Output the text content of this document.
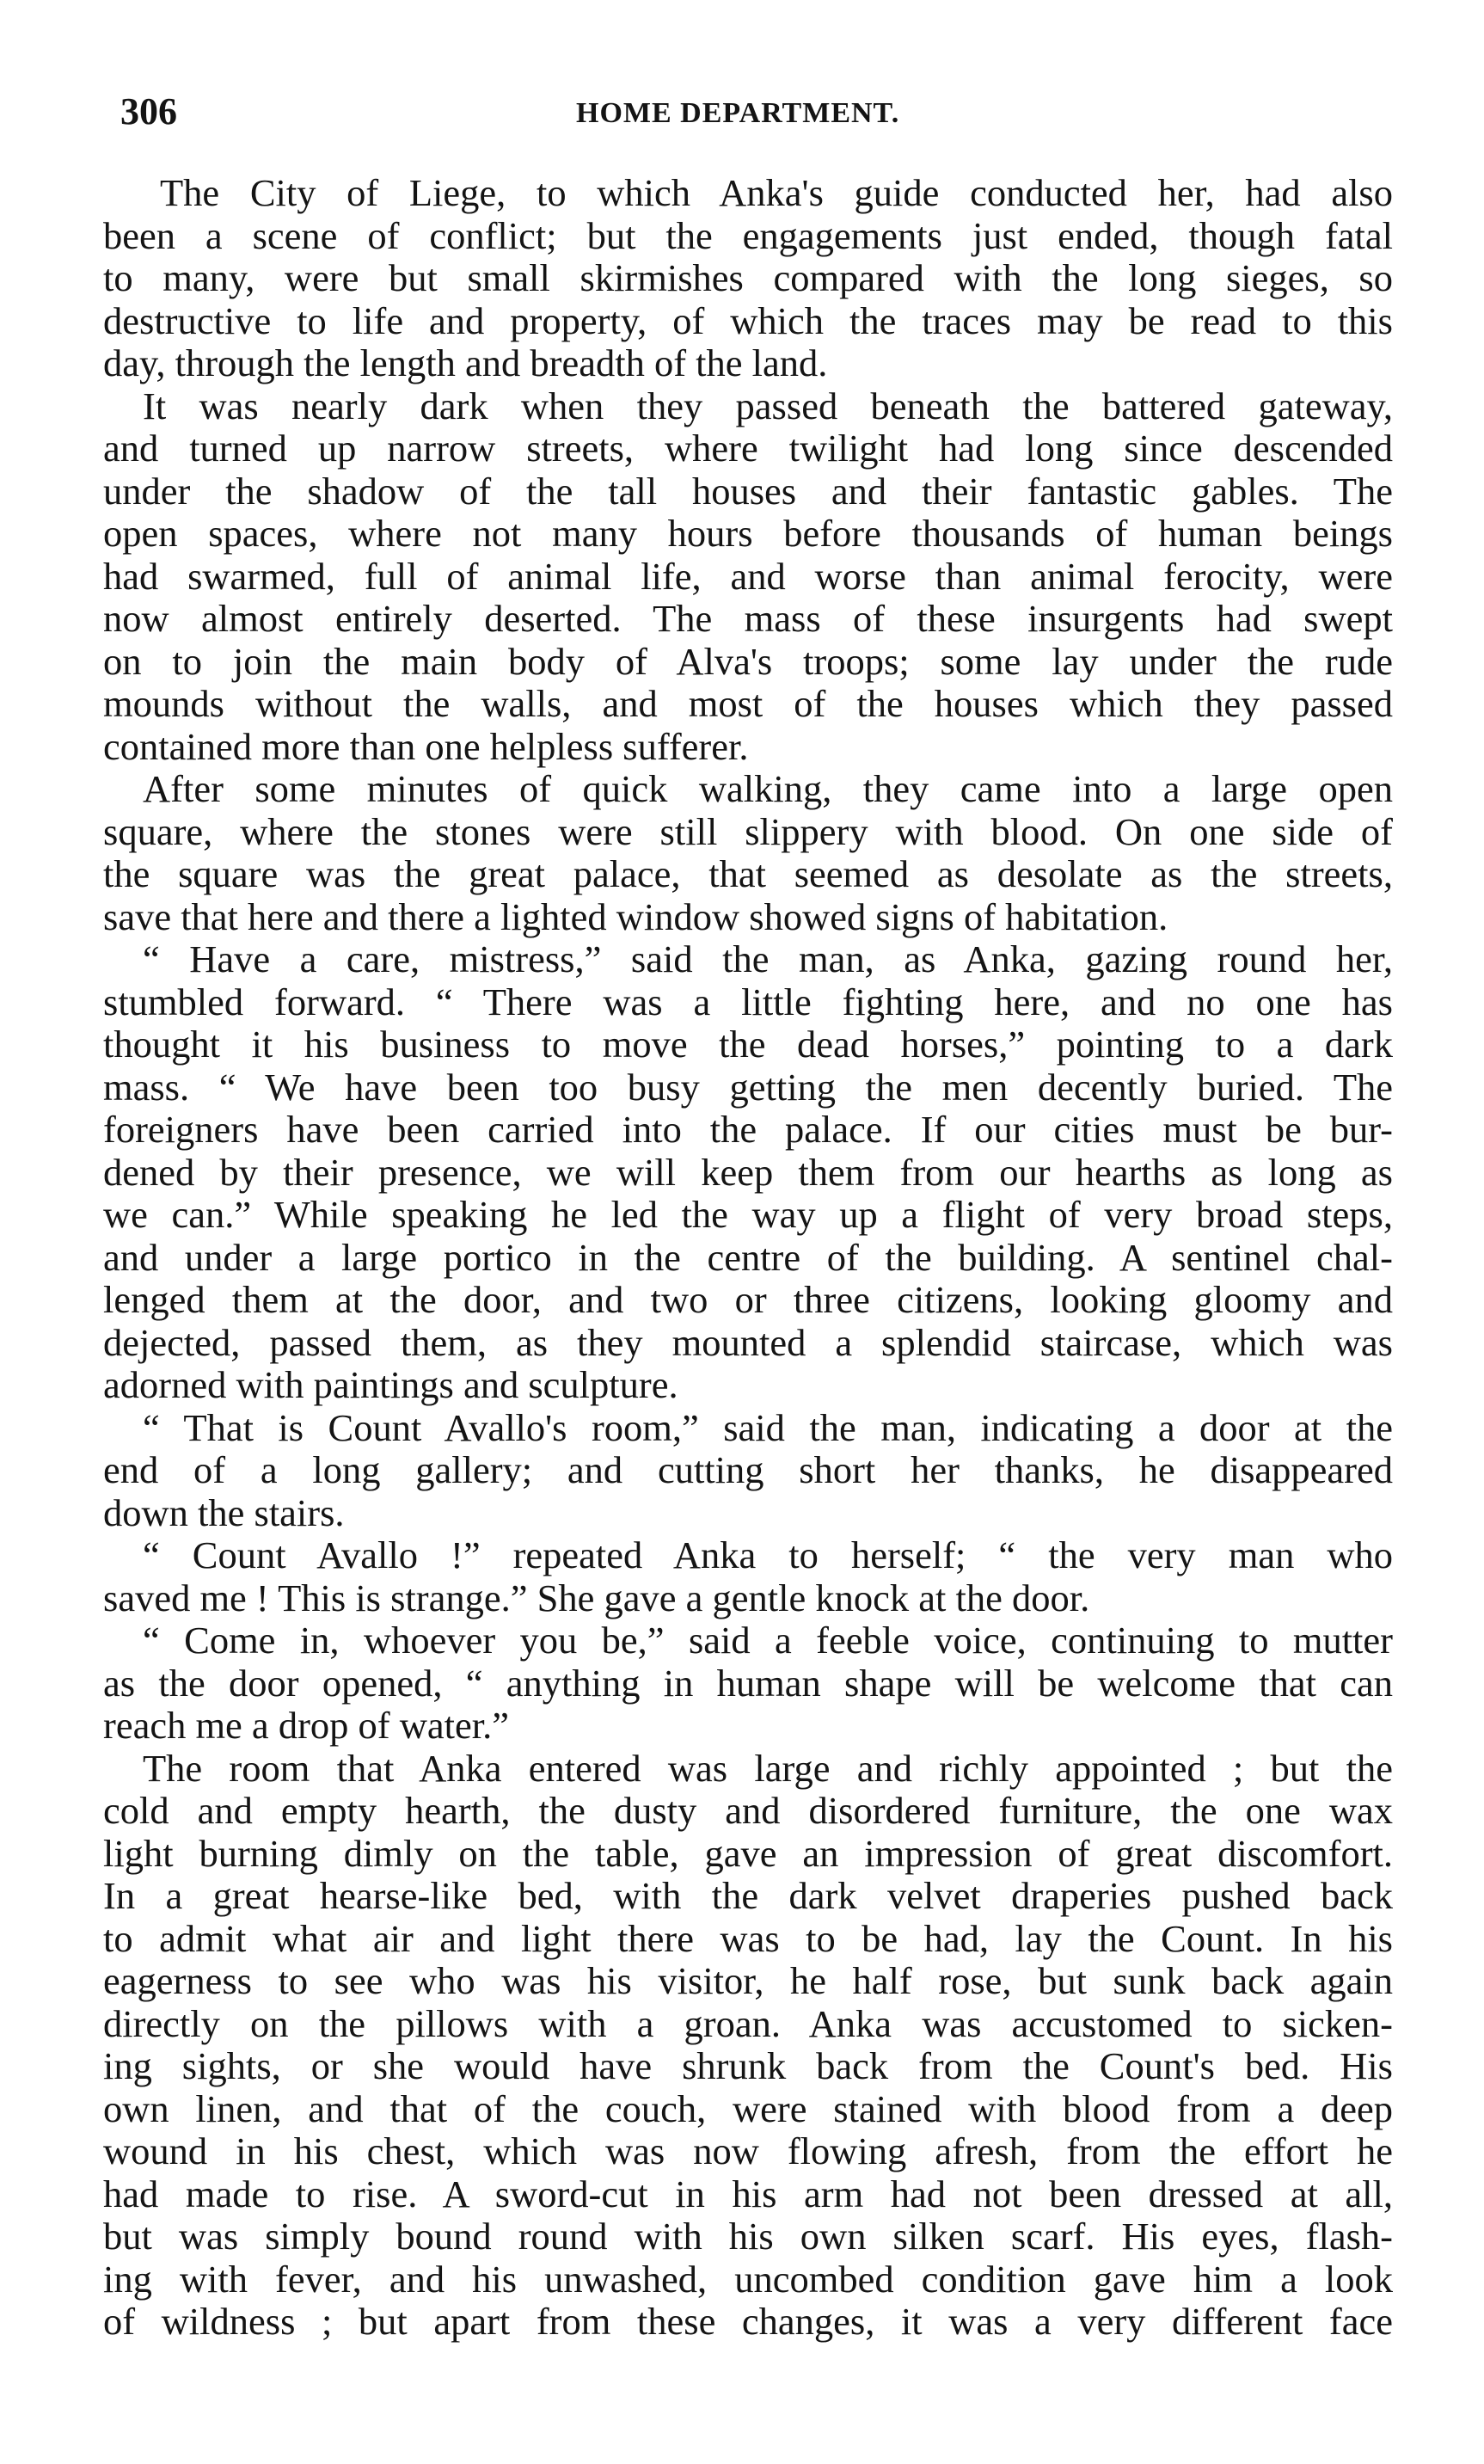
306	HOME DEPARTMENT.
The City of Liege, to which Anka's guide conducted her, had also
been a scene of conflict; but the engagements just ended, though fatal
to many, were but small skirmishes compared with the long sieges, so
destructive to life and property, of which the traces may be read to this
day, through the length and breadth of the land.
It was nearly dark when they passed beneath the battered gateway,
and turned up narrow streets, where twilight had long since descended
under the shadow of the tall houses and their fantastic gables. The
open spaces, where not many hours before thousands of human beings
had swarmed, full of animal life, and worse than animal ferocity, were
now almost entirely deserted. The mass of these insurgents had swept
on to join the main body of Alva's troops; some lay under the rude
mounds without the walls, and most of the houses which they passed
contained more than one helpless sufferer.
After some minutes of quick walking, they came into a large open
square, where the stones were still slippery with blood. On one side of
the square was the great palace, that seemed as desolate as the streets,
save that here and there a lighted window showed signs of habitation.
“ Have a care, mistress,” said the man, as Anka, gazing round her,
stumbled forward. “ There was a little fighting here, and no one has
thought it his business to move the dead horses,” pointing to a dark
mass. “ We have been too busy getting the men decently buried. The
foreigners have been carried into the palace. If our cities must be bur-
dened by their presence, we will keep them from our hearths as long as
we can.” While speaking he led the way up a flight of very broad steps,
and under a large portico in the centre of the building. A sentinel chal-
lenged them at the door, and two or three citizens, looking gloomy and
dejected, passed them, as they mounted a splendid staircase, which was
adorned with paintings and sculpture.
“ That is Count Avallo's room,” said the man, indicating a door at the
end of a long gallery; and cutting short her thanks, he disappeared
down the stairs.
“ Count Avallo !” repeated Anka to herself; “ the very man who
saved me ! This is strange.” She gave a gentle knock at the door.
“ Come in, whoever you be,” said a feeble voice, continuing to mutter
as the door opened, “ anything in human shape will be welcome that can
reach me a drop of water.”
The room that Anka entered was large and richly appointed ; but the
cold and empty hearth, the dusty and disordered furniture, the one wax
light burning dimly on the table, gave an impression of great discomfort.
In a great hearse-like bed, with the dark velvet draperies pushed back
to admit what air and light there was to be had, lay the Count. In his
eagerness to see who was his visitor, he half rose, but sunk back again
directly on the pillows with a groan. Anka was accustomed to sicken-
ing sights, or she would have shrunk back from the Count's bed. His
own linen, and that of the couch, were stained with blood from a deep
wound in his chest, which was now flowing afresh, from the effort he
had made to rise. A sword-cut in his arm had not been dressed at all,
but was simply bound round with his own silken scarf. His eyes, flash-
ing with fever, and his unwashed, uncombed condition gave him a look
of wildness ; but apart from these changes, it was a very different face
